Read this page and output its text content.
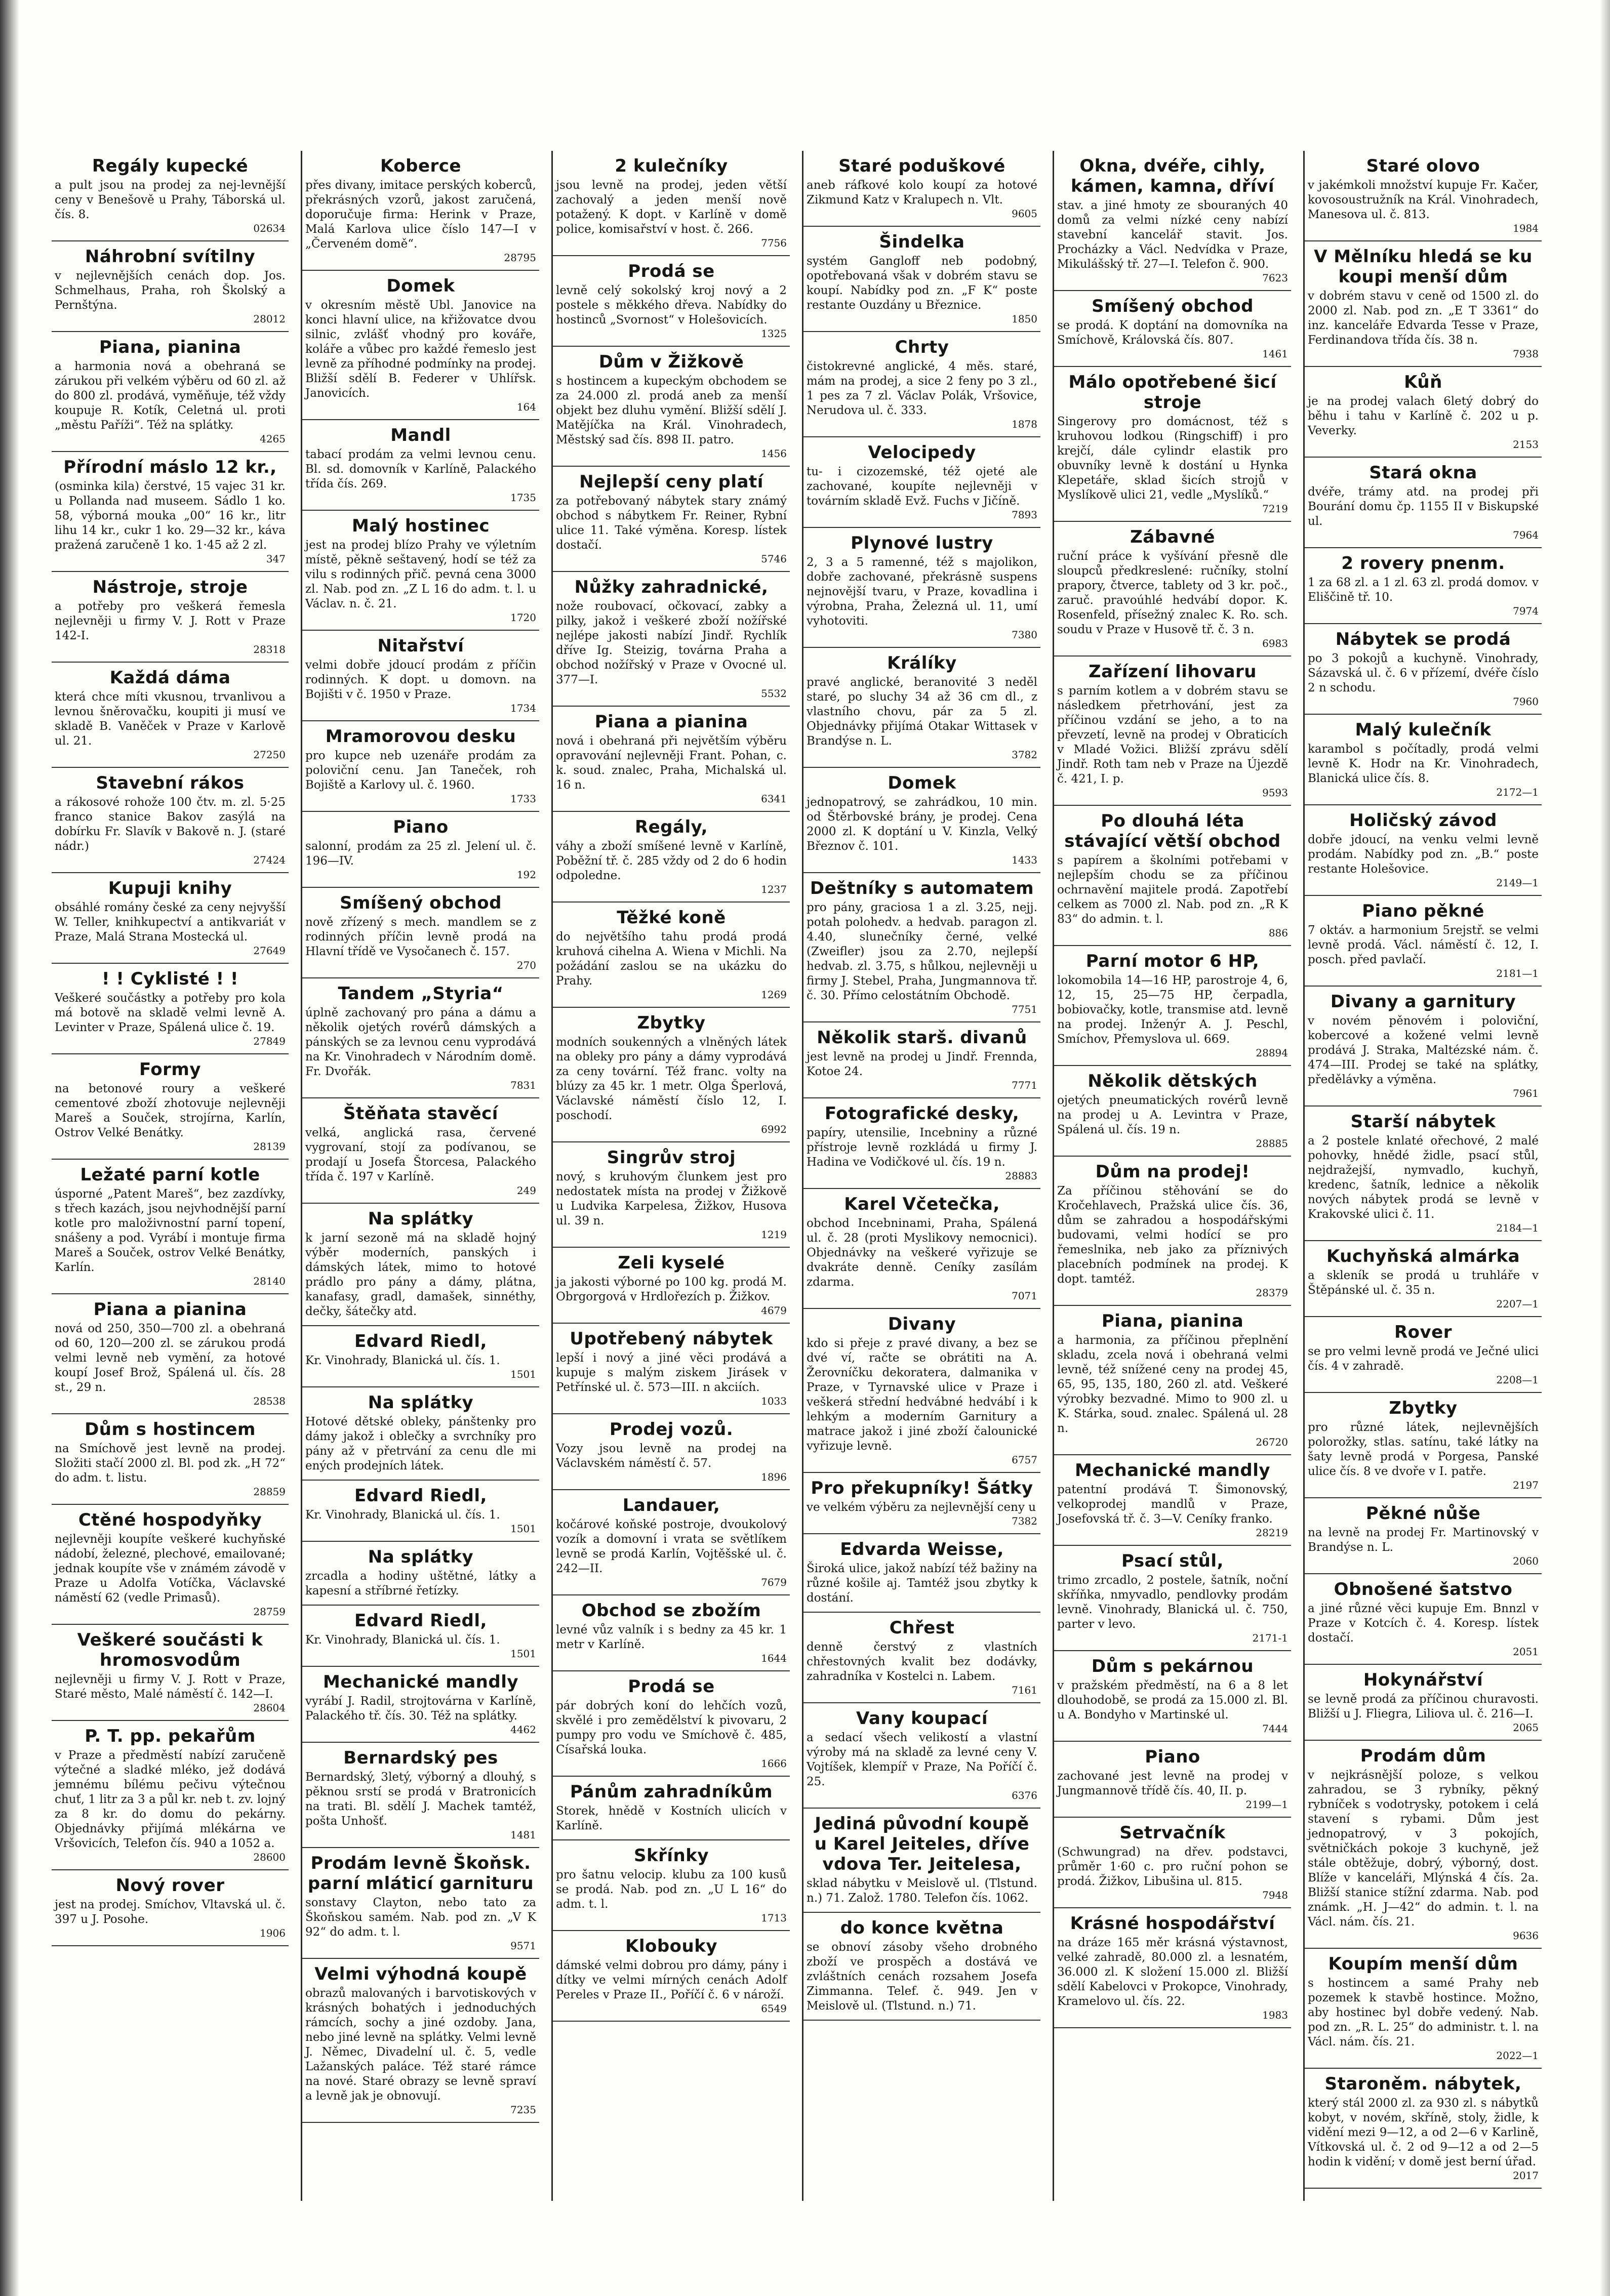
Regály kupecké

a pult jsou na prodej za nej-levnější ceny v Benešově u Prahy, Táborská ul. čís. 8.

02634
Náhrobní svítilny

v nejlevnějších cenách dop. Jos. Schmelhaus, Praha, roh Školský a Pernštýna.

28012
Piana, pianina

a harmonia nová a obehraná se zárukou při velkém výběru od 60 zl. až do 800 zl. prodává, vyměňuje, též vždy koupuje R. Kotík, Celetná ul. proti „městu Paříži“. Též na splátky.

4265
Přírodní máslo 12 kr.,

(osminka kila) čerstvé, 15 vajec 31 kr. u Pollanda nad museem. Sádlo 1 ko. 58, výborná mouka „00“ 16 kr., litr lihu 14 kr., cukr 1 ko. 29—32 kr., káva pražená zaručeně 1 ko. 1·45 až 2 zl.

347
Nástroje, stroje

a potřeby pro veškerá řemesla nejlevněji u firmy V. J. Rott v Praze 142-I.

28318
Každá dáma

která chce míti vkusnou, trvanlivou a levnou šněrovačku, koupiti ji musí ve skladě B. Vaněček v Praze v Karlově ul. 21.

27250
Stavební rákos

a rákosové rohože 100 čtv. m. zl. 5·25 franco stanice Bakov zasýlá na dobírku Fr. Slavík v Bakově n. J. (staré nádr.)

27424
Kupuji knihy

obsáhlé romány české za ceny nejvyšší W. Teller, knihkupectví a antikvariát v Praze, Malá Strana Mostecká ul.

27649
! ! Cyklisté ! !

Veškeré součástky a potřeby pro kola má botově na skladě velmi levně A. Levinter v Praze, Spálená ulice č. 19.

27849
Formy

na betonové roury a veškeré cementové zboží zhotovuje nejlevněji Mareš a Souček, strojírna, Karlín, Ostrov Velké Benátky.

28139
Ležaté parní kotle

úsporné „Patent Mareš“, bez zazdívky, s třech kazách, jsou nejvhodnější parní kotle pro maloživnostní parní topení, snášeny a pod. Vyrábí i montuje firma Mareš a Souček, ostrov Velké Benátky, Karlín.

28140
Piana a pianina

nová od 250, 350—700 zl. a obehraná od 60, 120—200 zl. se zárukou prodá velmi levně neb vymění, za hotové koupí Josef Brož, Spálená ul. čís. 28 st., 29 n.

28538
Dům s hostincem

na Smíchově jest levně na prodej. Složiti stačí 2000 zl. Bl. pod zk. „H 72“ do adm. t. listu.

28859
Ctěné hospodyňky

nejlevněji koupíte veškeré kuchyňské nádobí, železné, plechové, emailované; jednak koupíte vše v známém závodě v Praze u Adolfa Votíčka, Václavské náměstí 62 (vedle Primasů).

28759
Veškeré součásti k hromosvodům

nejlevněji u firmy V. J. Rott v Praze, Staré město, Malé náměstí č. 142—I.

28604
P. T. pp. pekařům

v Praze a předměstí nabízí zaručeně výtečné a sladké mléko, jež dodává jemnému bílému pečivu výtečnou chuť, 1 litr za 3 a půl kr. neb t. zv. lojný za 8 kr. do domu do pekárny. Objednávky přijímá mlékárna ve Vršovicích, Telefon čís. 940 a 1052 a.

28600
Nový rover

jest na prodej. Smíchov, Vltavská ul. č. 397 u J. Posohe.

1906
Koberce

přes divany, imitace perských koberců, překrásných vzorů, jakost zaručená, doporučuje firma: Herink v Praze, Malá Karlova ulice číslo 147—I v „Červeném domě“.

28795
Domek

v okresním městě Ubl. Janovice na konci hlavní ulice, na křižovatce dvou silnic, zvlášť vhodný pro kováře, koláře a vůbec pro každé řemeslo jest levně za příhodné podmínky na prodej. Bližší sdělí B. Federer v Uhlířsk. Janovicích.

164
Mandl

tabací prodám za velmi levnou cenu. Bl. sd. domovník v Karlíně, Palackého třída čís. 269.

1735
Malý hostinec

jest na prodej blízo Prahy ve výletním místě, pěkně seštavený, hodí se též za vilu s rodinných přič. pevná cena 3000 zl. Nab. pod zn. „Z L 16 do adm. t. l. u Václav. n. č. 21.

1720
Nitařství

velmi dobře jdoucí prodám z příčin rodinných. K dopt. u domovn. na Bojišti v č. 1950 v Praze.

1734
Mramorovou desku

pro kupce neb uzenáře prodám za poloviční cenu. Jan Taneček, roh Bojiště a Karlovy ul. č. 1960.

1733
Piano

salonní, prodám za 25 zl. Jelení ul. č. 196—IV.

192
Smíšený obchod

nově zřízený s mech. mandlem se z rodinných příčin levně prodá na Hlavní třídě ve Vysočanech č. 157.

270
Tandem „Styria“

úplně zachovaný pro pána a dámu a několik ojetých rovérů dámských a pánských se za levnou cenu vyprodává na Kr. Vinohradech v Národním domě. Fr. Dvořák.

7831
Štěňata stavěcí

velká, anglická rasa, červené vygrovaní, stojí za podívanou, se prodají u Josefa Štorcesa, Palackého třída č. 197 v Karlíně.

249
Na splátky

k jarní sezoně má na skladě hojný výběr moderních, panských i dámských látek, mimo to hotové prádlo pro pány a dámy, plátna, kanafasy, gradl, damašek, sinnéthy, dečky, šátečky atd.

Edvard Riedl,

Kr. Vinohrady, Blanická ul. čís. 1.

1501
Na splátky

Hotové dětské obleky, pánštenky pro dámy jakož i oblečky a svrchníky pro pány až v přetrvání za cenu dle mi ených prodejních látek.

Edvard Riedl,

Kr. Vinohrady, Blanická ul. čís. 1.

1501
Na splátky

zrcadla a hodiny uštětné, látky a kapesní a stříbrné řetízky.

Edvard Riedl,

Kr. Vinohrady, Blanická ul. čís. 1.

1501
Mechanické mandly

vyrábí J. Radil, strojtovárna v Karlíně, Palackého tř. čís. 30. Též na splátky.

4462
Bernardský pes

Bernardský, 3letý, výborný a dlouhý, s pěknou srstí se prodá v Bratronicích na trati. Bl. sdělí J. Machek tamtéž, pošta Unhošť.

1481
Prodám levně Škoňsk. parní mláticí garnituru

sonstavy Clayton, nebo tato za Škoňskou samém. Nab. pod zn. „V K 92“ do adm. t. l.

9571
Velmi výhodná koupě

obrazů malovaných i barvotiskových v krásných bohatých i jednoduchých rámcích, sochy a jiné ozdoby. Jana, nebo jiné levně na splátky. Velmi levně J. Němec, Divadelní ul. č. 5, vedle Lažanských paláce. Též staré rámce na nové. Staré obrazy se levně spraví a levně jak je obnovují.

7235
2 kulečníky

jsou levně na prodej, jeden větší zachovalý a jeden menší nově potažený. K dopt. v Karlíně v domě police, komisařství v host. č. 266.

7756
Prodá se

levně celý sokolský kroj nový a 2 postele s měkkého dřeva. Nabídky do hostinců „Svornost“ v Holešovicích.

1325
Dům v Žižkově

s hostincem a kupeckým obchodem se za 24.000 zl. prodá aneb za menší objekt bez dluhu vymění. Bližší sdělí J. Matějíčka na Král. Vinohradech, Městský sad čís. 898 II. patro.

1456
Nejlepší ceny platí

za potřebovaný nábytek stary známý obchod s nábytkem Fr. Reiner, Rybní ulice 11. Také výměna. Koresp. lístek dostačí.

5746
Nůžky zahradnické,

nože roubovací, očkovací, zabky a pilky, jakož i veškeré zboží nožířské nejlépe jakosti nabízí Jindř. Rychlík dříve Ig. Steizig, továrna Praha a obchod nožířský v Praze v Ovocné ul. 377—I.

5532
Piana a pianina

nová i obehraná při největším výběru opravování nejlevněji Frant. Pohan, c. k. soud. znalec, Praha, Michalská ul. 16 n.

6341
Regály,

váhy a zboží smíšené levně v Karlíně, Poběžní tř. č. 285 vždy od 2 do 6 hodin odpoledne.

1237
Těžké koně

do největšího tahu prodá prodá kruhová cihelna A. Wiena v Michli. Na požádání zaslou se na ukázku do Prahy.

1269
Zbytky

modních soukenných a vlněných látek na obleky pro pány a dámy vyprodává za ceny tovární. Též franc. volty na blúzy za 45 kr. 1 metr. Olga Šperlová, Václavské náměstí číslo 12, I. poschodí.

6992
Singrův stroj

nový, s kruhovým člunkem jest pro nedostatek místa na prodej v Žižkově u Ludvika Karpelesa, Žižkov, Husova ul. 39 n.

1219
Zeli kyselé

ja jakosti výborné po 100 kg. prodá M. Obrgorgová v Hrdlořezích p. Žižkov.

4679
Upotřebený nábytek

lepší i nový a jiné věci prodává a kupuje s malým ziskem Jirásek v Petřínské ul. č. 573—III. n akciích.

1033
Prodej vozů.

Vozy jsou levně na prodej na Václavském náměstí č. 57.

1896
Landauer,

kočárové koňské postroje, dvoukolový vozík a domovní i vrata se světlíkem levně se prodá Karlín, Vojtěšské ul. č. 242—II.

7679
Obchod se zbožím

levné vůz valník i s bedny za 45 kr. 1 metr v Karlíně.

1644
Prodá se

pár dobrých koní do lehčích vozů, skvělé i pro zemědělství k pivovaru, 2 pumpy pro vodu ve Smíchově č. 485, Císařská louka.

1666
Pánům zahradníkům

Storek, hnědě v Kostních ulicích v Karlíně.

Skřínky

pro šatnu velocip. klubu za 100 kusů se prodá. Nab. pod zn. „U L 16“ do adm. t. l.

1713
Klobouky

dámské velmi dobrou pro dámy, pány i dítky ve velmi mírných cenách Adolf Pereles v Praze II., Poříčí č. 6 v nároží.

6549
Staré poduškové

aneb ráfkové kolo koupí za hotové Zikmund Katz v Kralupech n. Vlt.

9605
Šindelka

systém Gangloff neb podobný, opotřebovaná však v dobrém stavu se koupí. Nabídky pod zn. „F K“ poste restante Ouzdány u Březnice.

1850
Chrty

čistokrevné anglické, 4 měs. staré, mám na prodej, a sice 2 feny po 3 zl., 1 pes za 7 zl. Václav Polák, Vršovice, Nerudova ul. č. 333.

1878
Velocipedy

tu- i cizozemské, též ojeté ale zachované, koupíte nejlevněji v továrním skladě Evž. Fuchs v Jičíně.

7893
Plynové lustry

2, 3 a 5 ramenné, též s majolikon, dobře zachované, překrásně suspens nejnovější tvaru, v Praze, kovadlina i výrobna, Praha, Železná ul. 11, umí vyhotoviti.

7380
Králíky

pravé anglické, beranovité 3 neděl staré, po sluchy 34 až 36 cm dl., z vlastního chovu, pár za 5 zl. Objednávky přijímá Otakar Wittasek v Brandýse n. L.

3782
Domek

jednopatrový, se zahrádkou, 10 min. od Štěrbovské brány, je prodej. Cena 2000 zl. K doptání u V. Kinzla, Velký Březnov č. 101.

1433
Deštníky s automatem

pro pány, graciosa 1 a zl. 3.25, nejj. potah polohedv. a hedvab. paragon zl. 4.40, slunečníky černé, velké (Zweifler) jsou za 2.70, nejlepší hedvab. zl. 3.75, s hůlkou, nejlevněji u firmy J. Stebel, Praha, Jungmannova tř. č. 30. Přímo celostátním Obchodě.

7751
Několik starš. divanů

jest levně na prodej u Jindř. Frennda, Kotoe 24.

7771
Fotografické desky,

papíry, utensilie, Incebniny a různé přístroje levně rozkládá u firmy J. Hadina ve Vodičkové ul. čís. 19 n.

28883
Karel Včetečka,

obchod Incebninami, Praha, Spálená ul. č. 28 (proti Myslikovy nemocnici). Objednávky na veškeré vyřizuje se dvakráte denně. Ceníky zasílám zdarma.

7071
Divany

kdo si přeje z pravé divany, a bez se dvé ví, račte se obrátiti na A. Žerovníčku dekoratera, dalmanika v Praze, v Tyrnavské ulice v Praze i veškerá střední hedvábné hedvábí i k lehkým a moderním Garnitury a matrace jakož i jiné zboží čalounické vyřizuje levně.

6757
Pro překupníky! Šátky

ve velkém výběru za nejlevnější ceny u

7382
Edvarda Weisse,

Široká ulice, jakož nabízí též bažiny na různé košile aj. Tamtéž jsou zbytky k dostání.

Chřest

denně čerstvý z vlastních chřestovných kvalit bez dodávky, zahradníka v Kostelci n. Labem.

7161
Vany koupací

a sedací všech velikostí a vlastní výroby má na skladě za levné ceny V. Vojtíšek, klempíř v Praze, Na Poříčí č. 25.

6376
Jediná původní koupě u Karel Jeiteles, dříve vdova Ter. Jeitelesa,

sklad nábytku v Meislově ul. (Tlstund. n.) 71. Založ. 1780. Telefon čís. 1062.

do konce května

se obnoví zásoby všeho drobného zboží ve prospěch a dostává ve zvláštních cenách rozsahem Josefa Zimmanna. Telef. č. 949. Jen v Meislově ul. (Tlstund. n.) 71.

Okna, dvéře, cihly, kámen, kamna, dříví

stav. a jiné hmoty ze sbouraných 40 domů za velmi nízké ceny nabízí stavební kancelář stavit. Jos. Procházky a Václ. Nedvídka v Praze, Mikulášský tř. 27—I. Telefon č. 900.

7623
Smíšený obchod

se prodá. K doptání na domovníka na Smíchově, Královská čís. 807.

1461
Málo opotřebené šicí stroje

Singerovy pro domácnost, též s kruhovou lodkou (Ringschiff) i pro krejčí, dále cylindr elastik pro obuvníky levně k dostání u Hynka Klepetáře, sklad šicích strojů v Myslíkově ulici 21, vedle „Myslíků.“

7219
Zábavné

ruční práce k vyšívání přesně dle sloupců předkreslené: ručníky, stolní prapory, čtverce, tablety od 3 kr. poč., zaruč. pravoúhlé hedvábí dopor. K. Rosenfeld, přísežný znalec K. Ro. sch. soudu v Praze v Husově tř. č. 3 n.

6983
Zařízení lihovaru

s parním kotlem a v dobrém stavu se následkem přetrhování, jest za příčinou vzdání se jeho, a to na převzetí, levně na prodej v Obraticích v Mladé Vožici. Bližší zprávu sdělí Jindř. Roth tam neb v Praze na Újezdě č. 421, I. p.

9593
Po dlouhá léta stávající větší obchod

s papírem a školními potřebami v nejlepším chodu se za příčinou ochrnavění majitele prodá. Zapotřebí celkem as 7000 zl. Nab. pod zn. „R K 83“ do admin. t. l.

886
Parní motor 6 HP,

lokomobila 14—16 HP, parostroje 4, 6, 12, 15, 25—75 HP, čerpadla, bobiovačky, kotle, transmise atd. levně na prodej. Inženýr A. J. Peschl, Smíchov, Přemyslova ul. 669.

28894
Několik dětských

ojetých pneumatických rovérů levně na prodej u A. Levintra v Praze, Spálená ul. čís. 19 n.

28885
Dům na prodej!

Za příčinou stěhování se do Kročehlavech, Pražská ulice čís. 36, dům se zahradou a hospodářskými budovami, velmi hodící se pro řemeslnika, neb jako za příznivých placebních podmínek na prodej. K dopt. tamtéž.

28379
Piana, pianina

a harmonia, za příčinou přeplnění skladu, zcela nová i obehraná velmi levně, též snížené ceny na prodej 45, 65, 95, 135, 180, 260 zl. atd. Veškeré výrobky bezvadné. Mimo to 900 zl. u K. Stárka, soud. znalec. Spálená ul. 28 n.

26720
Mechanické mandly

patentní prodává T. Šimonovský, velkoprodej mandlů v Praze, Josefovská tř. č. 3—V. Ceníky franko.

28219
Psací stůl,

trimo zrcadlo, 2 postele, šatník, noční skříňka, nmyvadlo, pendlovky prodám levně. Vinohrady, Blanická ul. č. 750, parter v levo.

2171-1
Dům s pekárnou

v pražském předměstí, na 6 a 8 let dlouhodobě, se prodá za 15.000 zl. Bl. u A. Bondyho v Martinské ul.

7444
Piano

zachované jest levně na prodej v Jungmannově třídě čís. 40, II. p.

2199—1
Setrvačník

(Schwungrad) na dřev. podstavci, průměr 1·60 c. pro ruční pohon se prodá. Žižkov, Libušina ul. 815.

7948
Krásné hospodářství

na dráze 165 měr krásná výstavnost, velké zahradě, 80.000 zl. a lesnatém, 36.000 zl. K složení 15.000 zl. Bližší sdělí Kabelovci v Prokopce, Vinohrady, Kramelovo ul. čís. 22.

1983
Staré olovo

v jakémkoli množství kupuje Fr. Kačer, kovosoustružník na Král. Vinohradech, Manesova ul. č. 813.

1984
V Mělníku hledá se ku koupi menší dům

v dobrém stavu v ceně od 1500 zl. do 2000 zl. Nab. pod zn. „E T 3361“ do inz. kanceláře Edvarda Tesse v Praze, Ferdinandova třída čís. 38 n.

7938
Kůň

je na prodej valach 6letý dobrý do běhu i tahu v Karlíně č. 202 u p. Veverky.

2153
Stará okna

dvéře, trámy atd. na prodej při Bourání domu čp. 1155 II v Biskupské ul.

7964
2 rovery pnenm.

1 za 68 zl. a 1 zl. 63 zl. prodá domov. v Eliščině tř. 10.

7974
Nábytek se prodá

po 3 pokojů a kuchyně. Vinohrady, Sázavská ul. č. 6 v přízemí, dvéře číslo 2 n schodu.

7960
Malý kulečník

karambol s počítadly, prodá velmi levně K. Hodr na Kr. Vinohradech, Blanická ulice čís. 8.

2172—1
Holičský závod

dobře jdoucí, na venku velmi levně prodám. Nabídky pod zn. „B.“ poste restante Holešovice.

2149—1
Piano pěkné

7 oktáv. a harmonium 5rejstř. se velmi levně prodá. Václ. náměstí č. 12, I. posch. před pavlačí.

2181—1
Divany a garnitury

v novém pěnovém i poloviční, kobercové a kožené velmi levně prodává J. Straka, Maltézské nám. č. 474—III. Prodej se také na splátky, předělávky a výměna.

7961
Starší nábytek

a 2 postele knlaté ořechové, 2 malé pohovky, hnědé židle, psací stůl, nejdražejší, nymvadlo, kuchyň, kredenc, šatník, lednice a několik nových nábytek prodá se levně v Krakovské ulici č. 11.

2184—1
Kuchyňská almárka

a skleník se prodá u truhláře v Štěpánské ul. č. 35 n.

2207—1
Rover

se pro velmi levně prodá ve Ječné ulici čís. 4 v zahradě.

2208—1
Zbytky

pro různé látek, nejlevnějších polorožky, stlas. satínu, také látky na šaty levně prodá v Porgesa, Panské ulice čís. 8 ve dvoře v I. patře.

2197
Pěkné nůše

na levně na prodej Fr. Martinovský v Brandýse n. L.

2060
Obnošené šatstvo

a jiné různé věci kupuje Em. Bnnzl v Praze v Kotcích č. 4. Koresp. lístek dostačí.

2051
Hokynářství

se levně prodá za příčinou churavosti. Bližší u J. Fliegra, Liliova ul. č. 216—I.

2065
Prodám dům

v nejkrásnější poloze, s velkou zahradou, se 3 rybníky, pěkný rybníček s vodotrysky, potokem i celá stavení s rybami. Dům jest jednopatrový, v 3 pokojích, světničkách pokoje 3 kuchyně, jež stále obtěžuje, dobrý, výborný, dost. Blíže v kanceláři, Mlýnská 4 čís. 2a. Bližší stanice stížní zdarma. Nab. pod známk. „H. J—42“ do admin. t. l. na Václ. nám. čís. 21.

9636
Koupím menší dům

s hostincem a samé Prahy neb pozemek k stavbě hostince. Možno, aby hostinec byl dobře vedený. Nab. pod zn. „R. L. 25“ do administr. t. l. na Václ. nám. čís. 21.

2022—1
Staroněm. nábytek,

který stál 2000 zl. za 930 zl. s nábytků kobyt, v novém, skříně, stoly, židle, k vidění mezi 9—12, a od 2—6 v Karlině, Vítkovská ul. č. 2 od 9—12 a od 2—5 hodin k vidění; v domě jest berní úřad.

2017
